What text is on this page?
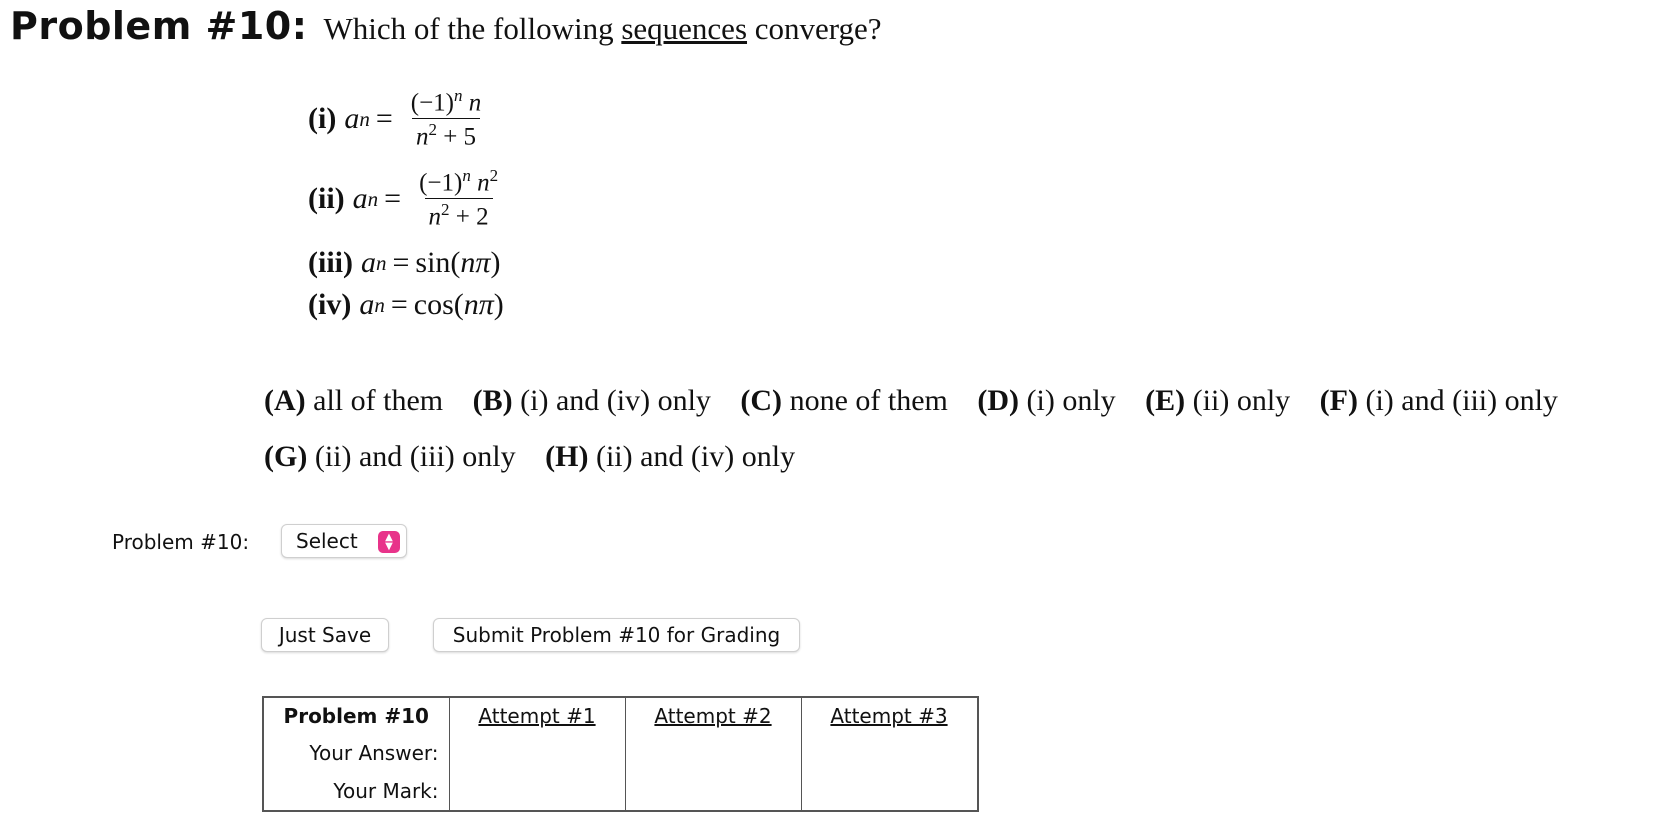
Problem #10: Which of the following sequences converge?
(i) a $n = \frac{(-1)^n n}{n^2 + 5}$
(ii) a $n = \frac{(-1)^n n^2}{n^2 + 2}$
(iii) a n = sin( nπ )
(iv) a n = cos( nπ )
(A) all of them (B) (i) and (iv) only (C) none of them (D) (i) only (E) (ii) only (F) (i) and (iii) only
(G) (ii) and (iii) only (H) (ii) and (iv) only
Problem #10: Select	▲
▼
Just Save	Submit Problem #10 for Grading
Problem #10	Attempt #1	Attempt #2	Attempt #3
Your Answer:			
Your Mark:			
